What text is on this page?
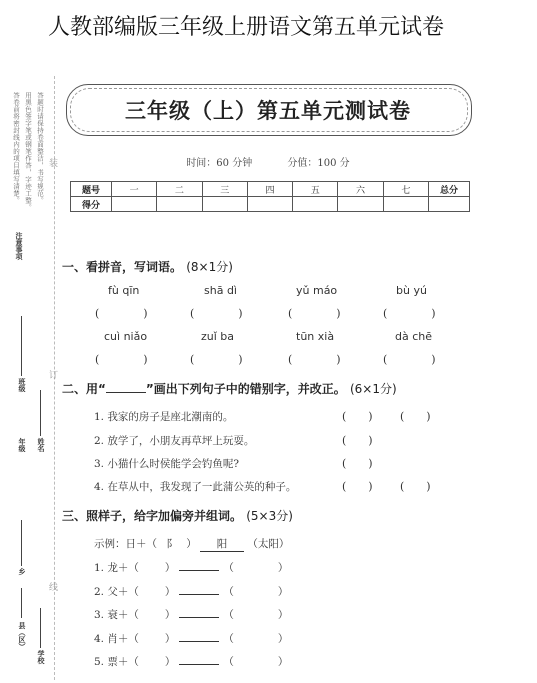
人教部编版三年级上册语文第五单元试卷
答卷前将密封线内的项目填写清楚。 用黑色签字笔或钢笔作答，字迹工整。 答题时请保持卷面整洁，书写规范。
注意事项
班级
年级 姓名
乡
县（区）
学校
装
订
线
三年级（上）第五单元测试卷
时间：60 分钟	分值：100 分
题号	一	二	三	四	五	六	七	总分
得分								
一、看拼音，写词语。 (8×1分)
fù qīn	shā dì	yǔ máo	bù yú
(　　　　)	(　　　　)	(　　　　)	(　　　　)
cuì niǎo	zuǐ ba	tūn xià	dà chē
(　　　　)	(　　　　)	(　　　　)	(　　　　)
二、用“	”画出下列句子中的错别字，并改正。 (6×1分)
1. 我家的房子是座北潮南的。	(　　) (　　)
2. 放学了，小朋友再草坪上玩耍。	(　　)
3. 小猫什么时侯能学会钓鱼呢?	(　　)
4. 在草从中，我发现了一此蒲公英的种子。	(　　) (　　)
三、照样子，给字加偏旁并组词。 (5×3分)
示例：日＋（ 阝 ） 阳 （太阳）
1. 龙＋（ ）	（	）
2. 父＋（ ）	（	）
3. 衰＋（ ）	（	）
4. 肖＋（ ）	（	）
5. 票＋（ ）	（	）
